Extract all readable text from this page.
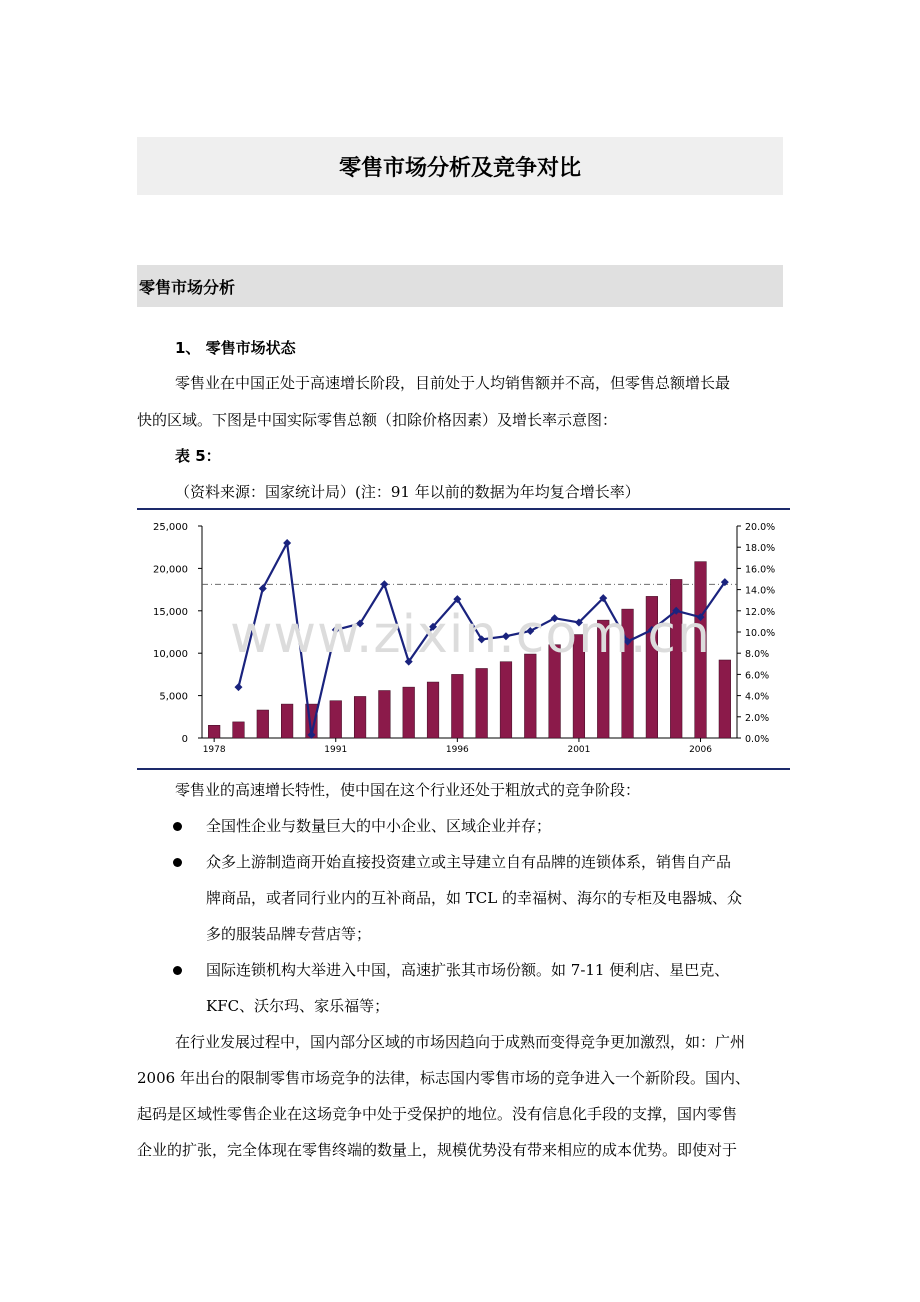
零售市场分析及竞争对比
零售市场分析
1、 零售市场状态
零售业在中国正处于高速增长阶段，目前处于人均销售额并不高，但零售总额增长最
快的区域。下图是中国实际零售总额（扣除价格因素）及增长率示意图：
表 5：
（资料来源：国家统计局）(注：91 年以前的数据为年均复合增长率）
0
5,000
10,000
15,000
20,000
25,000
0.0%
2.0%
4.0%
6.0%
8.0%
10.0%
12.0%
14.0%
16.0%
18.0%
20.0%
1978	1991	1996	2001	2006
www.zixin.com.cn
零售业的高速增长特性，使中国在这个行业还处于粗放式的竞争阶段：
全国性企业与数量巨大的中小企业、区域企业并存；
众多上游制造商开始直接投资建立或主导建立自有品牌的连锁体系，销售自产品
牌商品，或者同行业内的互补商品，如 TCL 的幸福树、海尔的专柜及电器城、众
多的服装品牌专营店等；
国际连锁机构大举进入中国，高速扩张其市场份额。如 7-11 便利店、星巴克、
KFC、沃尔玛、家乐福等；
在行业发展过程中，国内部分区域的市场因趋向于成熟而变得竞争更加激烈，如：广州
2006 年出台的限制零售市场竞争的法律，标志国内零售市场的竞争进入一个新阶段。国内、
起码是区域性零售企业在这场竞争中处于受保护的地位。没有信息化手段的支撑，国内零售
企业的扩张，完全体现在零售终端的数量上，规模优势没有带来相应的成本优势。即使对于
